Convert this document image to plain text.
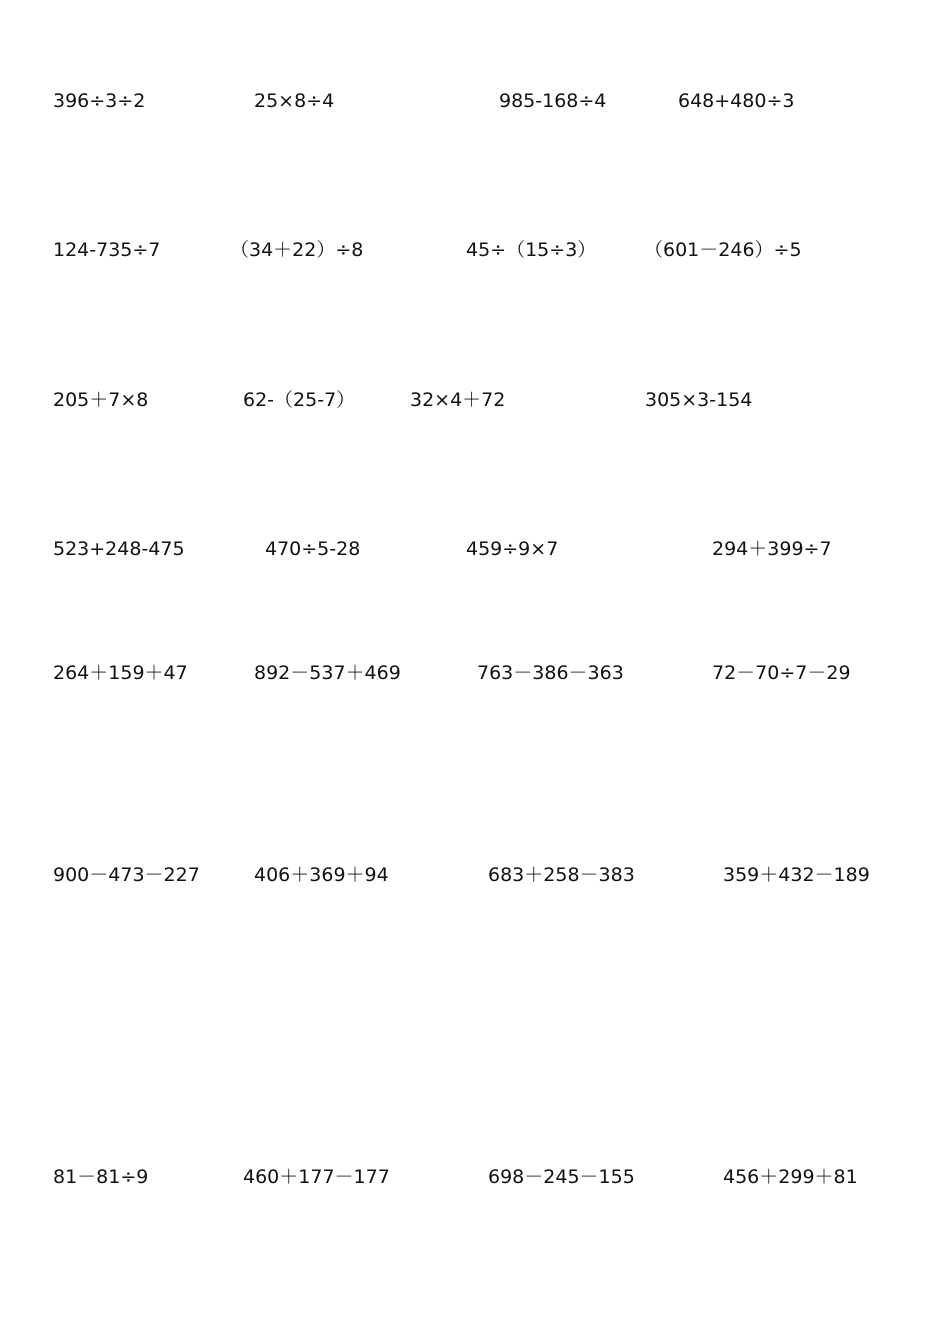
396÷3÷2	25×8÷4	985-168÷4	648+480÷3
124-735÷7	（34＋22）÷8	45÷（15÷3）	（601－246）÷5
205＋7×8	62-（25-7）	32×4＋72	305×3-154
523+248-475	470÷5-28	459÷9×7	294＋399÷7
264＋159＋47	892－537＋469	763－386－363	72－70÷7－29
900－473－227	406＋369＋94	683＋258－383	359＋432－189
81－81÷9	460＋177－177	698－245－155	456＋299＋81
